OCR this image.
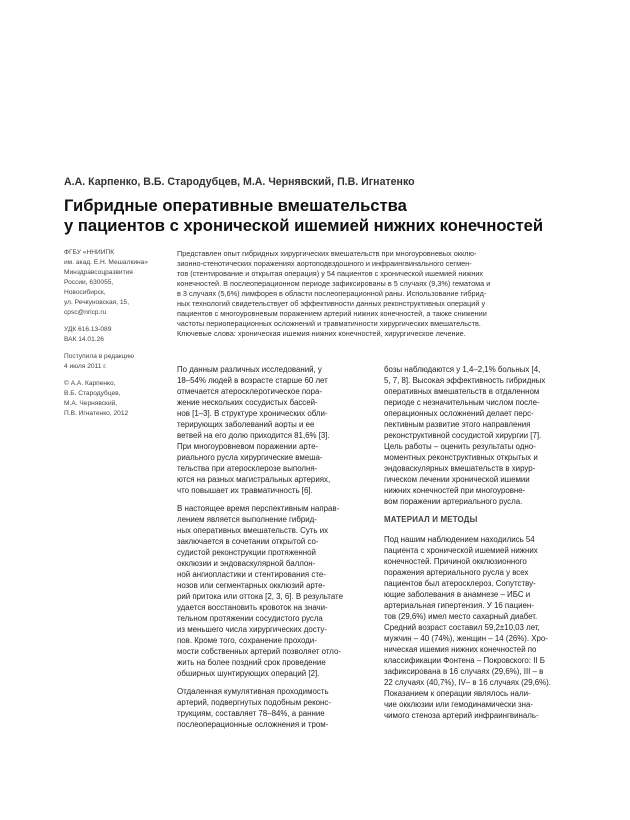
А.А. Карпенко, В.Б. Стародубцев, М.А. Чернявский, П.В. Игнатенко
Гибридные оперативные вмешательства
у пациентов с хронической ишемией нижних конечностей
ФГБУ «ННИИПК
им. акад. Е.Н. Мешалкина»
Минздравсоцразвития
России, 630055,
Новосибирск,
ул. Речкуновская, 15,
cpsc@nricp.ru
УДК 616.13-089
ВАК 14.01.26
Поступила в редакцию
4 июля 2011 г.
© А.А. Карпенко,
В.Б. Стародубцев,
М.А. Чернявский,
П.В. Игнатенко, 2012
Представлен опыт гибридных хирургических вмешательств при многоуровневых окклю-
зионно-стенотических поражениях аортоподвздошного и инфраингвинального сегмен-
тов (стентирование и открытая операция) у 54 пациентов с хронической ишемией нижних
конечностей. В послеоперационном периоде зафиксированы в 5 случаях (9,3%) гематома и
в 3 случаях (5,6%) лимфорея в области послеоперационной раны. Использование гибрид-
ных технологий свидетельствует об эффективности данных реконструктивных операций у
пациентов с многоуровневым поражением артерий нижних конечностей, а также снижении
частоты периоперационных осложнений и травматичности хирургических вмешательств.
Ключевые слова: хроническая ишемия нижних конечностей, хирургическое лечение.
По данным различных исследований, у
18–54% людей в возрасте старше 60 лет
отмечается атеросклеротическое пора-
жение нескольких сосудистых бассей-
нов [1–3]. В структуре хронических обли-
терирующих заболеваний аорты и ее
ветвей на его долю приходится 81,6% [3].
При многоуровневом поражении арте-
риального русла хирургические вмеша-
тельства при атеросклерозе выполня-
ются на разных магистральных артериях,
что повышает их травматичность [6].
В настоящее время перспективным направ-
лением является выполнение гибрид-
ных оперативных вмешательств. Суть их
заключается в сочетании открытой со-
судистой реконструкции протяженной
окклюзии и эндоваскулярной баллон-
ной ангиопластики и стентирования сте-
нозов или сегментарных окклюзий арте-
рий притока или оттока [2, 3, 6]. В результате
удается восстановить кровоток на значи-
тельном протяжении сосудистого русла
из меньшего числа хирургических досту-
пов. Кроме того, сохранение проходи-
мости собственных артерий позволяет отло-
жить на более поздний срок проведение
обширных шунтирующих операций [2].
Отдаленная кумулятивная проходимость
артерий, подвергнутых подобным реконс-
трукциям, составляет 78–84%, а ранние
послеоперационные осложнения и тром-
бозы наблюдаются у 1,4–2,1% больных [4,
5, 7, 8]. Высокая эффективность гибридных
оперативных вмешательств в отдаленном
периоде с незначительным числом после-
операционных осложнений делает перс-
пективным развитие этого направления
реконструктивной сосудистой хирургии [7].
Цель работы – оценить результаты одно-
моментных реконструктивных открытых и
эндоваскулярных вмешательств в хирур-
гическом лечении хронической ишемии
нижних конечностей при многоуровне-
вом поражении артериального русла.
МАТЕРИАЛ И МЕТОДЫ
Под нашим наблюдением находились 54
пациента с хронической ишемией нижних
конечностей. Причиной окклюзионного
поражения артериального русла у всех
пациентов был атеросклероз. Сопутству-
ющие заболевания в анамнезе – ИБС и
артериальная гипертензия. У 16 пациен-
тов (29,6%) имел место сахарный диабет.
Средний возраст составил 59,2±10,03 лет,
мужчин – 40 (74%), женщин – 14 (26%). Хро-
ническая ишемия нижних конечностей по
классификации Фонтена – Покровского: II Б
зафиксирована в 16 случаях (29,6%), III – в
22 случаях (40,7%), IV– в 16 случаях (29,6%).
Показанием к операции являлось нали-
чие окклюзии или гемодинамически зна-
чимого стеноза артерий инфраингвиналь-
